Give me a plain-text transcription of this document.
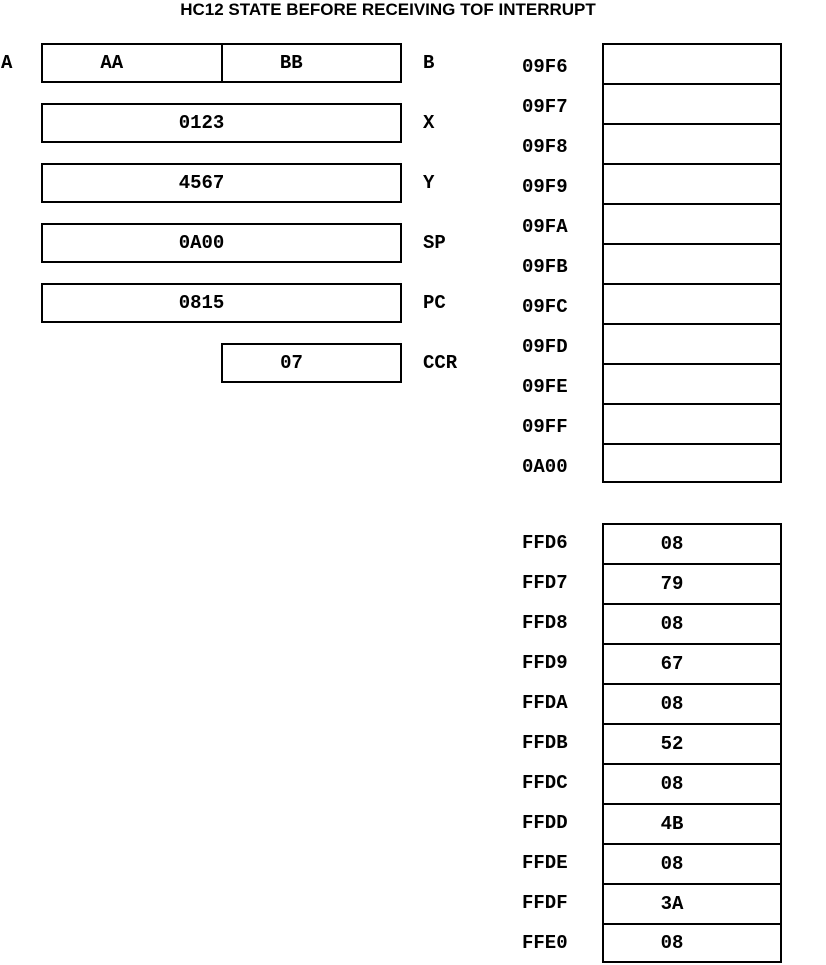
HC12 STATE BEFORE RECEIVING TOF INTERRUPT
A	AA	BB	B
0123	X
4567	Y
0A00	SP
0815	PC
07	CCR
09F6
09F7
09F8
09F9
09FA
09FB
09FC
09FD
09FE
09FF
0A00
FFD6	08
FFD7	79
FFD8	08
FFD9	67
FFDA	08
FFDB	52
FFDC	08
FFDD	4B
FFDE	08
FFDF	3A
FFE0	08
